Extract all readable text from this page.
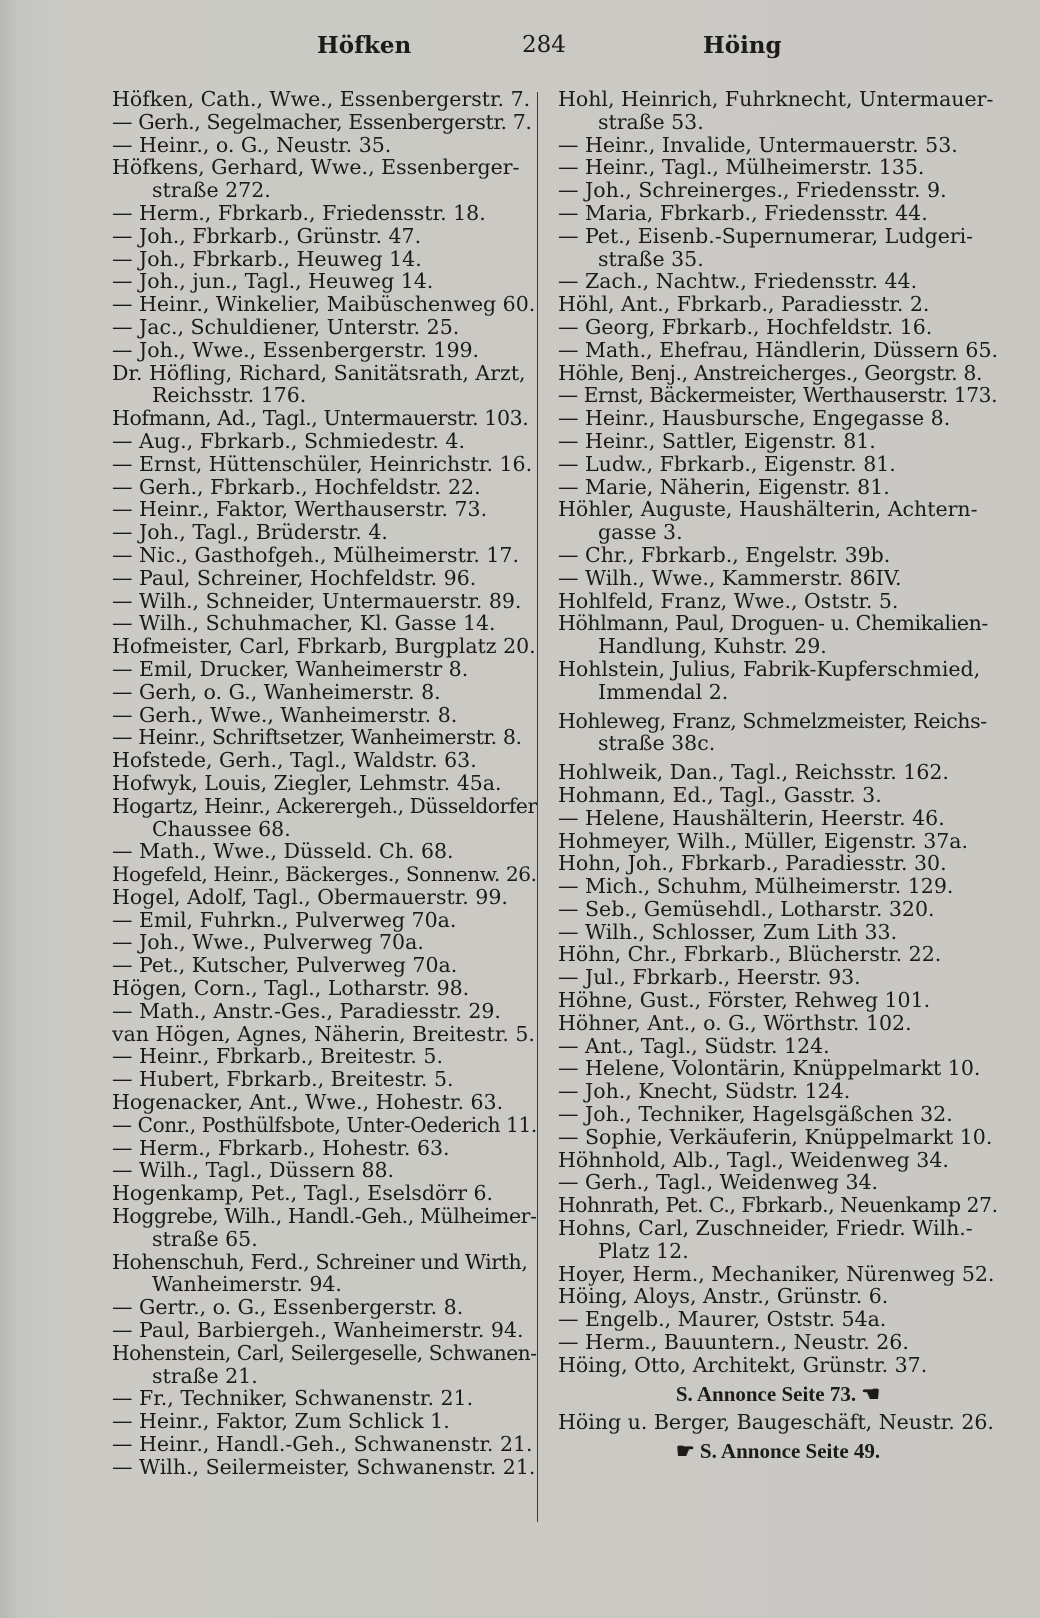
Höfken	284	Höing
Höfken, Cath., Wwe., Essenbergerstr. 7.
— Gerh., Segelmacher, Essenbergerstr. 7.
— Heinr., o. G., Neustr. 35.
Höfkens, Gerhard, Wwe., Essenberger-
straße 272.
— Herm., Fbrkarb., Friedensstr. 18.
— Joh., Fbrkarb., Grünstr. 47.
— Joh., Fbrkarb., Heuweg 14.
— Joh., jun., Tagl., Heuweg 14.
— Heinr., Winkelier, Maibüschenweg 60.
— Jac., Schuldiener, Unterstr. 25.
— Joh., Wwe., Essenbergerstr. 199.
Dr. Höfling, Richard, Sanitätsrath, Arzt,
Reichsstr. 176.
Hofmann, Ad., Tagl., Untermauerstr. 103.
— Aug., Fbrkarb., Schmiedestr. 4.
— Ernst, Hüttenschüler, Heinrichstr. 16.
— Gerh., Fbrkarb., Hochfeldstr. 22.
— Heinr., Faktor, Werthauserstr. 73.
— Joh., Tagl., Brüderstr. 4.
— Nic., Gasthofgeh., Mülheimerstr. 17.
— Paul, Schreiner, Hochfeldstr. 96.
— Wilh., Schneider, Untermauerstr. 89.
— Wilh., Schuhmacher, Kl. Gasse 14.
Hofmeister, Carl, Fbrkarb, Burgplatz 20.
— Emil, Drucker, Wanheimerstr 8.
— Gerh, o. G., Wanheimerstr. 8.
— Gerh., Wwe., Wanheimerstr. 8.
— Heinr., Schriftsetzer, Wanheimerstr. 8.
Hofstede, Gerh., Tagl., Waldstr. 63.
Hofwyk, Louis, Ziegler, Lehmstr. 45a.
Hogartz, Heinr., Ackerergeh., Düsseldorfer
Chaussee 68.
— Math., Wwe., Düsseld. Ch. 68.
Hogefeld, Heinr., Bäckerges., Sonnenw. 26.
Hogel, Adolf, Tagl., Obermauerstr. 99.
— Emil, Fuhrkn., Pulverweg 70a.
— Joh., Wwe., Pulverweg 70a.
— Pet., Kutscher, Pulverweg 70a.
Högen, Corn., Tagl., Lotharstr. 98.
— Math., Anstr.-Ges., Paradiesstr. 29.
van Högen, Agnes, Näherin, Breitestr. 5.
— Heinr., Fbrkarb., Breitestr. 5.
— Hubert, Fbrkarb., Breitestr. 5.
Hogenacker, Ant., Wwe., Hohestr. 63.
— Conr., Posthülfsbote, Unter-Oederich 11.
— Herm., Fbrkarb., Hohestr. 63.
— Wilh., Tagl., Düssern 88.
Hogenkamp, Pet., Tagl., Eselsdörr 6.
Hoggrebe, Wilh., Handl.-Geh., Mülheimer-
straße 65.
Hohenschuh, Ferd., Schreiner und Wirth,
Wanheimerstr. 94.
— Gertr., o. G., Essenbergerstr. 8.
— Paul, Barbiergeh., Wanheimerstr. 94.
Hohenstein, Carl, Seilergeselle, Schwanen-
straße 21.
— Fr., Techniker, Schwanenstr. 21.
— Heinr., Faktor, Zum Schlick 1.
— Heinr., Handl.-Geh., Schwanenstr. 21.
— Wilh., Seilermeister, Schwanenstr. 21.
Hohl, Heinrich, Fuhrknecht, Untermauer-
straße 53.
— Heinr., Invalide, Untermauerstr. 53.
— Heinr., Tagl., Mülheimerstr. 135.
— Joh., Schreinerges., Friedensstr. 9.
— Maria, Fbrkarb., Friedensstr. 44.
— Pet., Eisenb.-Supernumerar, Ludgeri-
straße 35.
— Zach., Nachtw., Friedensstr. 44.
Höhl, Ant., Fbrkarb., Paradiesstr. 2.
— Georg, Fbrkarb., Hochfeldstr. 16.
— Math., Ehefrau, Händlerin, Düssern 65.
Höhle, Benj., Anstreicherges., Georgstr. 8.
— Ernst, Bäckermeister, Werthauserstr. 173.
— Heinr., Hausbursche, Engegasse 8.
— Heinr., Sattler, Eigenstr. 81.
— Ludw., Fbrkarb., Eigenstr. 81.
— Marie, Näherin, Eigenstr. 81.
Höhler, Auguste, Haushälterin, Achtern-
gasse 3.
— Chr., Fbrkarb., Engelstr. 39b.
— Wilh., Wwe., Kammerstr. 86IV.
Hohlfeld, Franz, Wwe., Oststr. 5.
Höhlmann, Paul, Droguen- u. Chemikalien-
Handlung, Kuhstr. 29.
Hohlstein, Julius, Fabrik-Kupferschmied,
Immendal 2.
Hohleweg, Franz, Schmelzmeister, Reichs-
straße 38c.
Hohlweik, Dan., Tagl., Reichsstr. 162.
Hohmann, Ed., Tagl., Gasstr. 3.
— Helene, Haushälterin, Heerstr. 46.
Hohmeyer, Wilh., Müller, Eigenstr. 37a.
Hohn, Joh., Fbrkarb., Paradiesstr. 30.
— Mich., Schuhm, Mülheimerstr. 129.
— Seb., Gemüsehdl., Lotharstr. 320.
— Wilh., Schlosser, Zum Lith 33.
Höhn, Chr., Fbrkarb., Blücherstr. 22.
— Jul., Fbrkarb., Heerstr. 93.
Höhne, Gust., Förster, Rehweg 101.
Höhner, Ant., o. G., Wörthstr. 102.
— Ant., Tagl., Südstr. 124.
— Helene, Volontärin, Knüppelmarkt 10.
— Joh., Knecht, Südstr. 124.
— Joh., Techniker, Hagelsgäßchen 32.
— Sophie, Verkäuferin, Knüppelmarkt 10.
Höhnhold, Alb., Tagl., Weidenweg 34.
— Gerh., Tagl., Weidenweg 34.
Hohnrath, Pet. C., Fbrkarb., Neuenkamp 27.
Hohns, Carl, Zuschneider, Friedr. Wilh.-
Platz 12.
Hoyer, Herm., Mechaniker, Nürenweg 52.
Höing, Aloys, Anstr., Grünstr. 6.
— Engelb., Maurer, Oststr. 54a.
— Herm., Bauuntern., Neustr. 26.
Höing, Otto, Architekt, Grünstr. 37.
S. Annonce Seite 73. ☚
Höing u. Berger, Baugeschäft, Neustr. 26.
☛ S. Annonce Seite 49.
